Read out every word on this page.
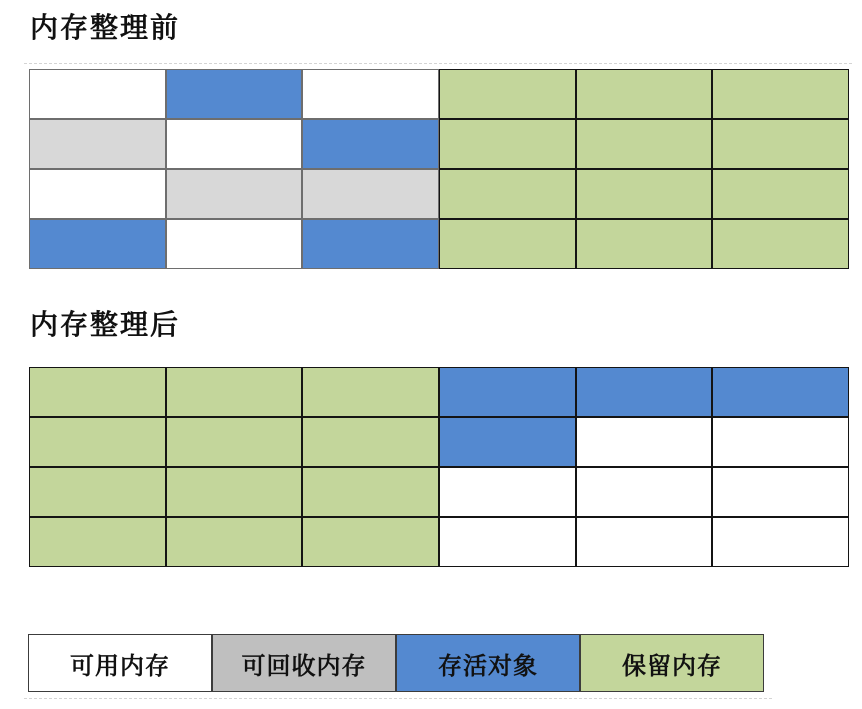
内存整理前
内存整理后
可用内存	可回收内存	存活对象	保留内存
